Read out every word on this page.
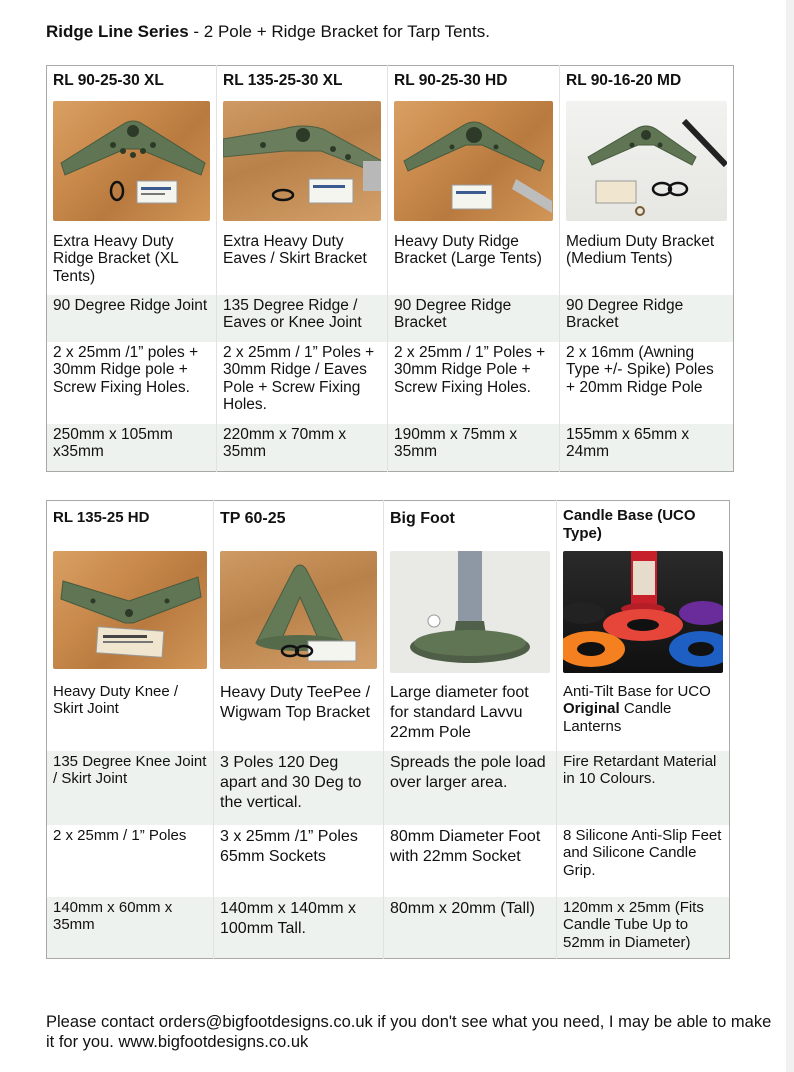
Ridge Line Series - 2 Pole + Ridge Bracket for Tarp Tents.
RL 90-25-30 XL	RL 135-25-30 XL	RL 90-25-30 HD	RL 90-16-20 MD

Extra Heavy Duty Ridge Bracket (XL Tents)	Extra Heavy Duty Eaves / Skirt Bracket	Heavy Duty Ridge Bracket (Large Tents)	Medium Duty Bracket (Medium Tents)
90 Degree Ridge Joint	135 Degree Ridge / Eaves or Knee Joint	90 Degree Ridge Bracket	90 Degree Ridge Bracket
2 x 25mm /1” poles + 30mm Ridge pole + Screw Fixing Holes.	2 x 25mm / 1” Poles + 30mm Ridge / Eaves Pole + Screw Fixing Holes.	2 x 25mm / 1” Poles + 30mm Ridge Pole + Screw Fixing Holes.	2 x 16mm (Awning Type +/- Spike) Poles + 20mm Ridge Pole
250mm x 105mm x35mm	220mm x 70mm x 35mm	190mm x 75mm x 35mm	155mm x 65mm x 24mm
RL 135-25 HD	TP 60-25	Big Foot	Candle Base (UCO Type)

Heavy Duty Knee / Skirt Joint	Heavy Duty TeePee / Wigwam Top Bracket	Large diameter foot for standard Lavvu 22mm Pole	Anti-Tilt Base for UCO Original Candle Lanterns
135 Degree Knee Joint / Skirt Joint	3 Poles 120 Deg apart and 30 Deg to the vertical.	Spreads the pole load over larger area.	Fire Retardant Material in 10 Colours.
2 x 25mm / 1” Poles	3 x 25mm /1” Poles 65mm Sockets	80mm Diameter Foot with 22mm Socket	8 Silicone Anti-Slip Feet and Silicone Candle Grip.
140mm x 60mm x 35mm	140mm x 140mm x 100mm Tall.	80mm x 20mm (Tall)	120mm x 25mm (Fits Candle Tube Up to 52mm in Diameter)
Please contact orders@bigfootdesigns.co.uk if you don't see what you need, I may be able to make it for you. www.bigfootdesigns.co.uk
